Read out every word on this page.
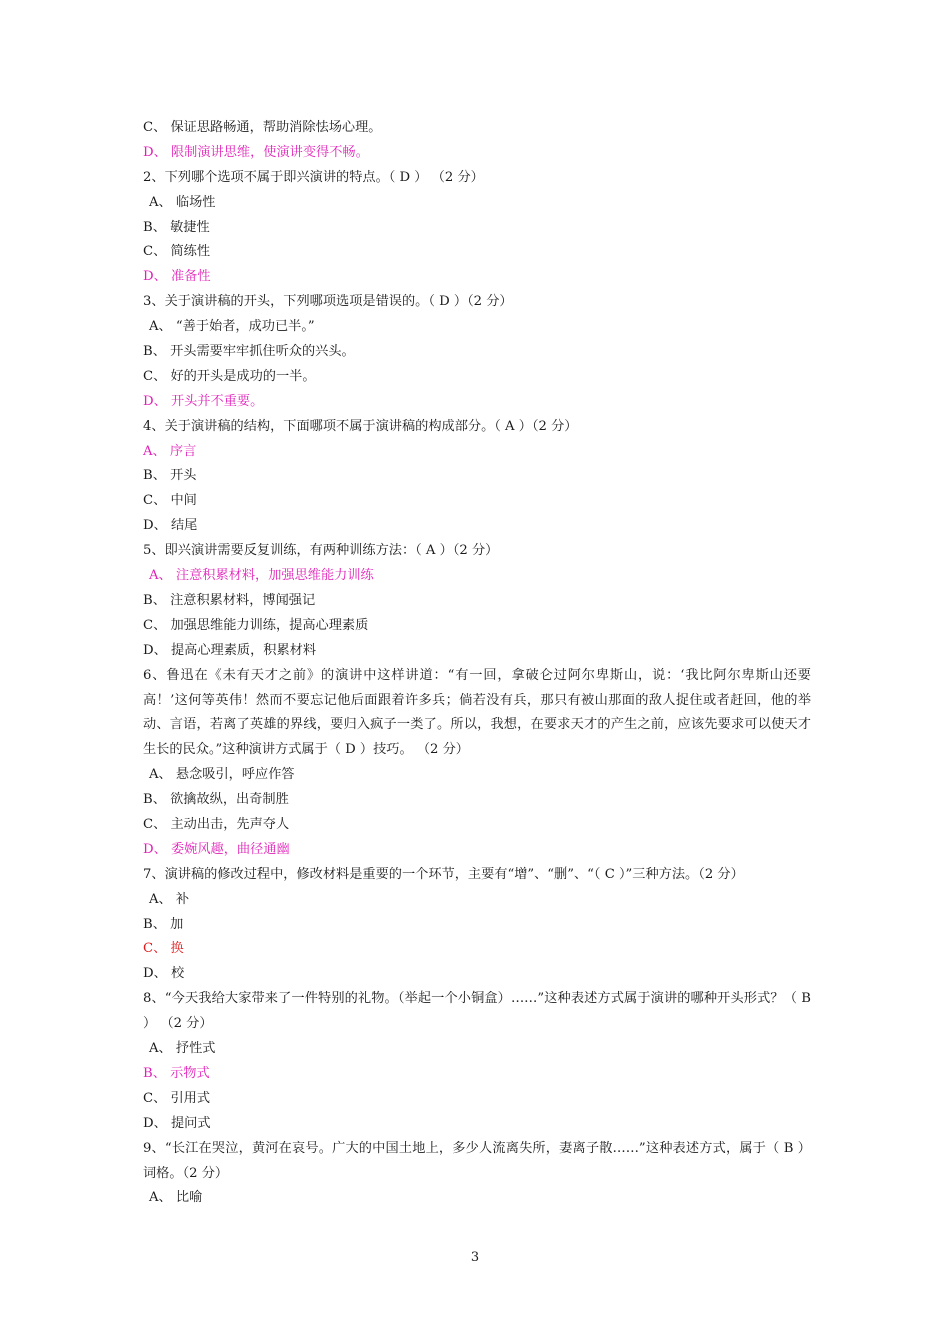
C、 保证思路畅通，帮助消除怯场心理。
D、 限制演讲思维，使演讲变得不畅。
2、下列哪个选项不属于即兴演讲的特点。（ D ） （2 分）
A、 临场性
B、 敏捷性
C、 简练性
D、 准备性
3、关于演讲稿的开头，下列哪项选项是错误的。（ D ）（2 分）
A、 “善于始者，成功已半。”
B、 开头需要牢牢抓住听众的兴头。
C、 好的开头是成功的一半。
D、 开头并不重要。
4、关于演讲稿的结构，下面哪项不属于演讲稿的构成部分。（ A ）（2 分）
A、 序言
B、 开头
C、 中间
D、 结尾
5、即兴演讲需要反复训练，有两种训练方法：（ A ）（2 分）
A、 注意积累材料，加强思维能力训练
B、 注意积累材料，博闻强记
C、 加强思维能力训练，提高心理素质
D、 提高心理素质，积累材料
6、鲁迅在《未有天才之前》的演讲中这样讲道：“有一回，拿破仑过阿尔卑斯山，说：‘我比阿尔卑斯山还要高！’这何等英伟！然而不要忘记他后面跟着许多兵；倘若没有兵，那只有被山那面的敌人捉住或者赶回，他的举动、言语，若离了英雄的界线，要归入疯子一类了。所以，我想，在要求天才的产生之前，应该先要求可以使天才生长的民众。”这种演讲方式属于（ D ）技巧。 （2 分）
A、 悬念吸引，呼应作答
B、 欲擒故纵，出奇制胜
C、 主动出击，先声夺人
D、 委婉风趣，曲径通幽
7、演讲稿的修改过程中，修改材料是重要的一个环节，主要有“增”、“删”、“（ C ）”三种方法。（2 分）
A、 补
B、 加
C、 换
D、 校
8、“今天我给大家带来了一件特别的礼物。（举起一个小铜盒）……”这种表述方式属于演讲的哪种开头形式？（ B ） （2 分）
A、 抒性式
B、 示物式
C、 引用式
D、 提问式
9、“长江在哭泣，黄河在哀号。广大的中国土地上，多少人流离失所，妻离子散……”这种表述方式，属于（ B ）词格。（2 分）
A、 比喻
3
